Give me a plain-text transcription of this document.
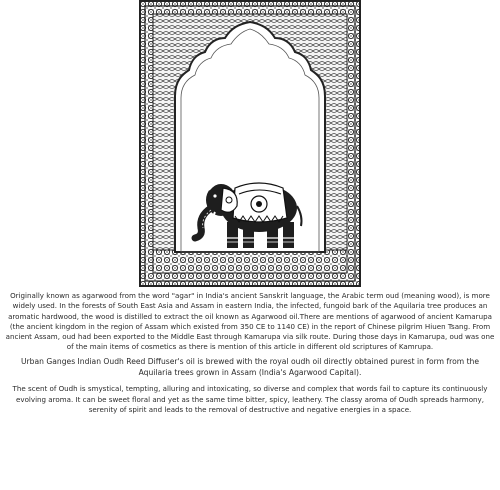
Originally known as agarwood from the word "agar" in India's ancient Sanskrit language, the Arabic term oud (meaning wood), is more widely used. In the forests of South East Asia and Assam in eastern India, the infected, fungoid bark of the Aquilaria tree produces an aromatic hardwood, the wood is distilled to extract the oil known as Agarwood oil.There are mentions of agarwood of ancient Kamarupa (the ancient kingdom in the region of Assam which existed from 350 CE to 1140 CE) in the report of Chinese pilgrim Hiuen Tsang. From ancient Assam, oud had been exported to the Middle East through Kamarupa via silk route. During those days in Kamarupa, oud was one of the main items of cosmetics as there is mention of this article in different old scriptures of Kamrupa.

Urban Ganges Indian Oudh Reed Diffuser's oil is brewed with the royal oudh oil directly obtained purest in form from the Aquilaria trees grown in Assam (India's Agarwood Capital).

The scent of Oudh is smystical, tempting, alluring and intoxicating, so diverse and complex that words fail to capture its continuously evolving aroma. It can be sweet floral and yet as the same time bitter, spicy, leathery. The classy aroma of Oudh spreads harmony, serenity of spirit and leads to the removal of destructive and negative energies in a space.
